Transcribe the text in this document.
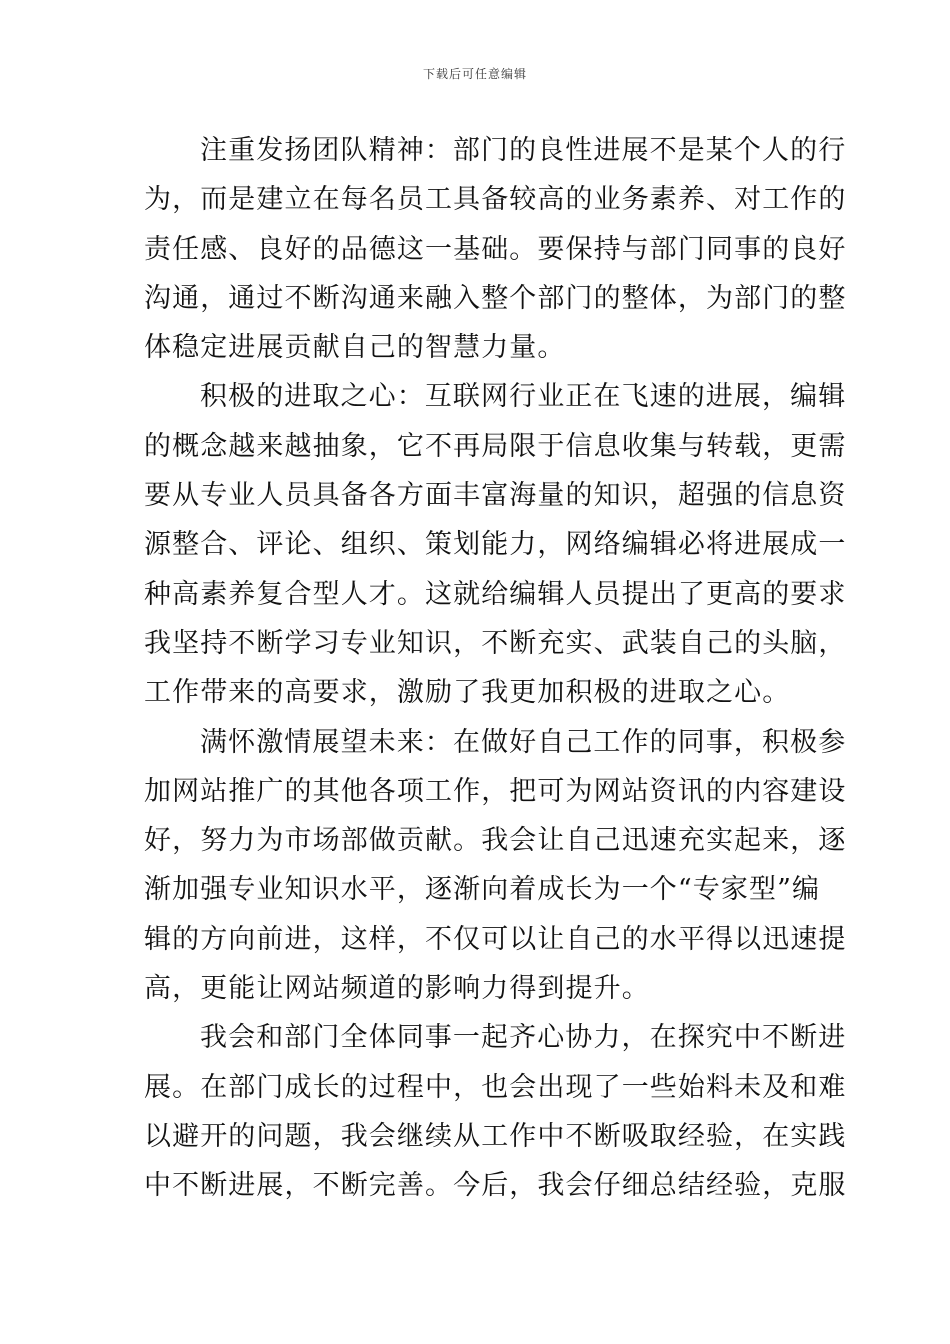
下载后可任意编辑
注重发扬团队精神：部门的良性进展不是某个人的行
为，而是建立在每名员工具备较高的业务素养、对工作的
责任感、良好的品德这一基础。要保持与部门同事的良好
沟通，通过不断沟通来融入整个部门的整体，为部门的整
体稳定进展贡献自己的智慧力量。
积极的进取之心：互联网行业正在飞速的进展，编辑
的概念越来越抽象，它不再局限于信息收集与转载，更需
要从专业人员具备各方面丰富海量的知识，超强的信息资
源整合、评论、组织、策划能力，网络编辑必将进展成一
种高素养复合型人才。这就给编辑人员提出了更高的要求
我坚持不断学习专业知识，不断充实、武装自己的头脑，
工作带来的高要求，激励了我更加积极的进取之心。
满怀激情展望未来：在做好自己工作的同事，积极参
加网站推广的其他各项工作，把可为网站资讯的内容建设
好，努力为市场部做贡献。我会让自己迅速充实起来，逐
渐加强专业知识水平，逐渐向着成长为一个“专家型”编
辑的方向前进，这样，不仅可以让自己的水平得以迅速提
高，更能让网站频道的影响力得到提升。
我会和部门全体同事一起齐心协力，在探究中不断进
展。在部门成长的过程中，也会出现了一些始料未及和难
以避开的问题，我会继续从工作中不断吸取经验，在实践
中不断进展，不断完善。今后，我会仔细总结经验，克服
